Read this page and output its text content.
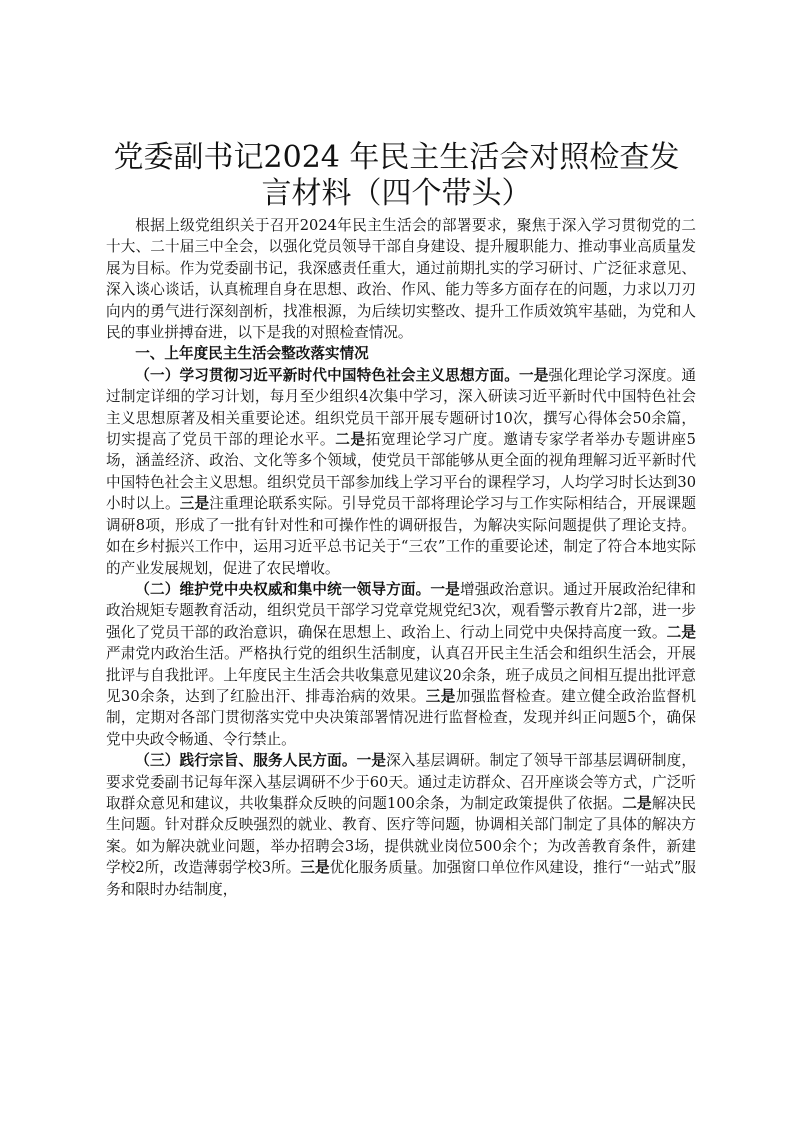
党委副书记2024 年民主生活会对照检查发言材料（四个带头）

根据上级党组织关于召开2024年民主生活会的部署要求，聚焦于深入学习贯彻党的二十大、二十届三中全会，以强化党员领导干部自身建设、提升履职能力、推动事业高质量发展为目标。作为党委副书记，我深感责任重大，通过前期扎实的学习研讨、广泛征求意见、深入谈心谈话，认真梳理自身在思想、政治、作风、能力等多方面存在的问题，力求以刀刃向内的勇气进行深刻剖析，找准根源，为后续切实整改、提升工作质效筑牢基础，为党和人民的事业拼搏奋进，以下是我的对照检查情况。

一、上年度民主生活会整改落实情况

（一）学习贯彻习近平新时代中国特色社会主义思想方面。一是强化理论学习深度。通过制定详细的学习计划，每月至少组织4次集中学习，深入研读习近平新时代中国特色社会主义思想原著及相关重要论述。组织党员干部开展专题研讨10次，撰写心得体会50余篇，切实提高了党员干部的理论水平。二是拓宽理论学习广度。邀请专家学者举办专题讲座5场，涵盖经济、政治、文化等多个领域，使党员干部能够从更全面的视角理解习近平新时代中国特色社会主义思想。组织党员干部参加线上学习平台的课程学习，人均学习时长达到30小时以上。三是注重理论联系实际。引导党员干部将理论学习与工作实际相结合，开展课题调研8项，形成了一批有针对性和可操作性的调研报告，为解决实际问题提供了理论支持。如在乡村振兴工作中，运用习近平总书记关于“三农”工作的重要论述，制定了符合本地实际的产业发展规划，促进了农民增收。

（二）维护党中央权威和集中统一领导方面。一是增强政治意识。通过开展政治纪律和政治规矩专题教育活动，组织党员干部学习党章党规党纪3次，观看警示教育片2部，进一步强化了党员干部的政治意识，确保在思想上、政治上、行动上同党中央保持高度一致。二是严肃党内政治生活。严格执行党的组织生活制度，认真召开民主生活会和组织生活会，开展批评与自我批评。上年度民主生活会共收集意见建议20余条，班子成员之间相互提出批评意见30余条，达到了红脸出汗、排毒治病的效果。三是加强监督检查。建立健全政治监督机制，定期对各部门贯彻落实党中央决策部署情况进行监督检查，发现并纠正问题5个，确保党中央政令畅通、令行禁止。

（三）践行宗旨、服务人民方面。一是深入基层调研。制定了领导干部基层调研制度，要求党委副书记每年深入基层调研不少于60天。通过走访群众、召开座谈会等方式，广泛听取群众意见和建议，共收集群众反映的问题100余条，为制定政策提供了依据。二是解决民生问题。针对群众反映强烈的就业、教育、医疗等问题，协调相关部门制定了具体的解决方案。如为解决就业问题，举办招聘会3场，提供就业岗位500余个；为改善教育条件，新建学校2所，改造薄弱学校3所。三是优化服务质量。加强窗口单位作风建设，推行“一站式”服务和限时办结制度，
